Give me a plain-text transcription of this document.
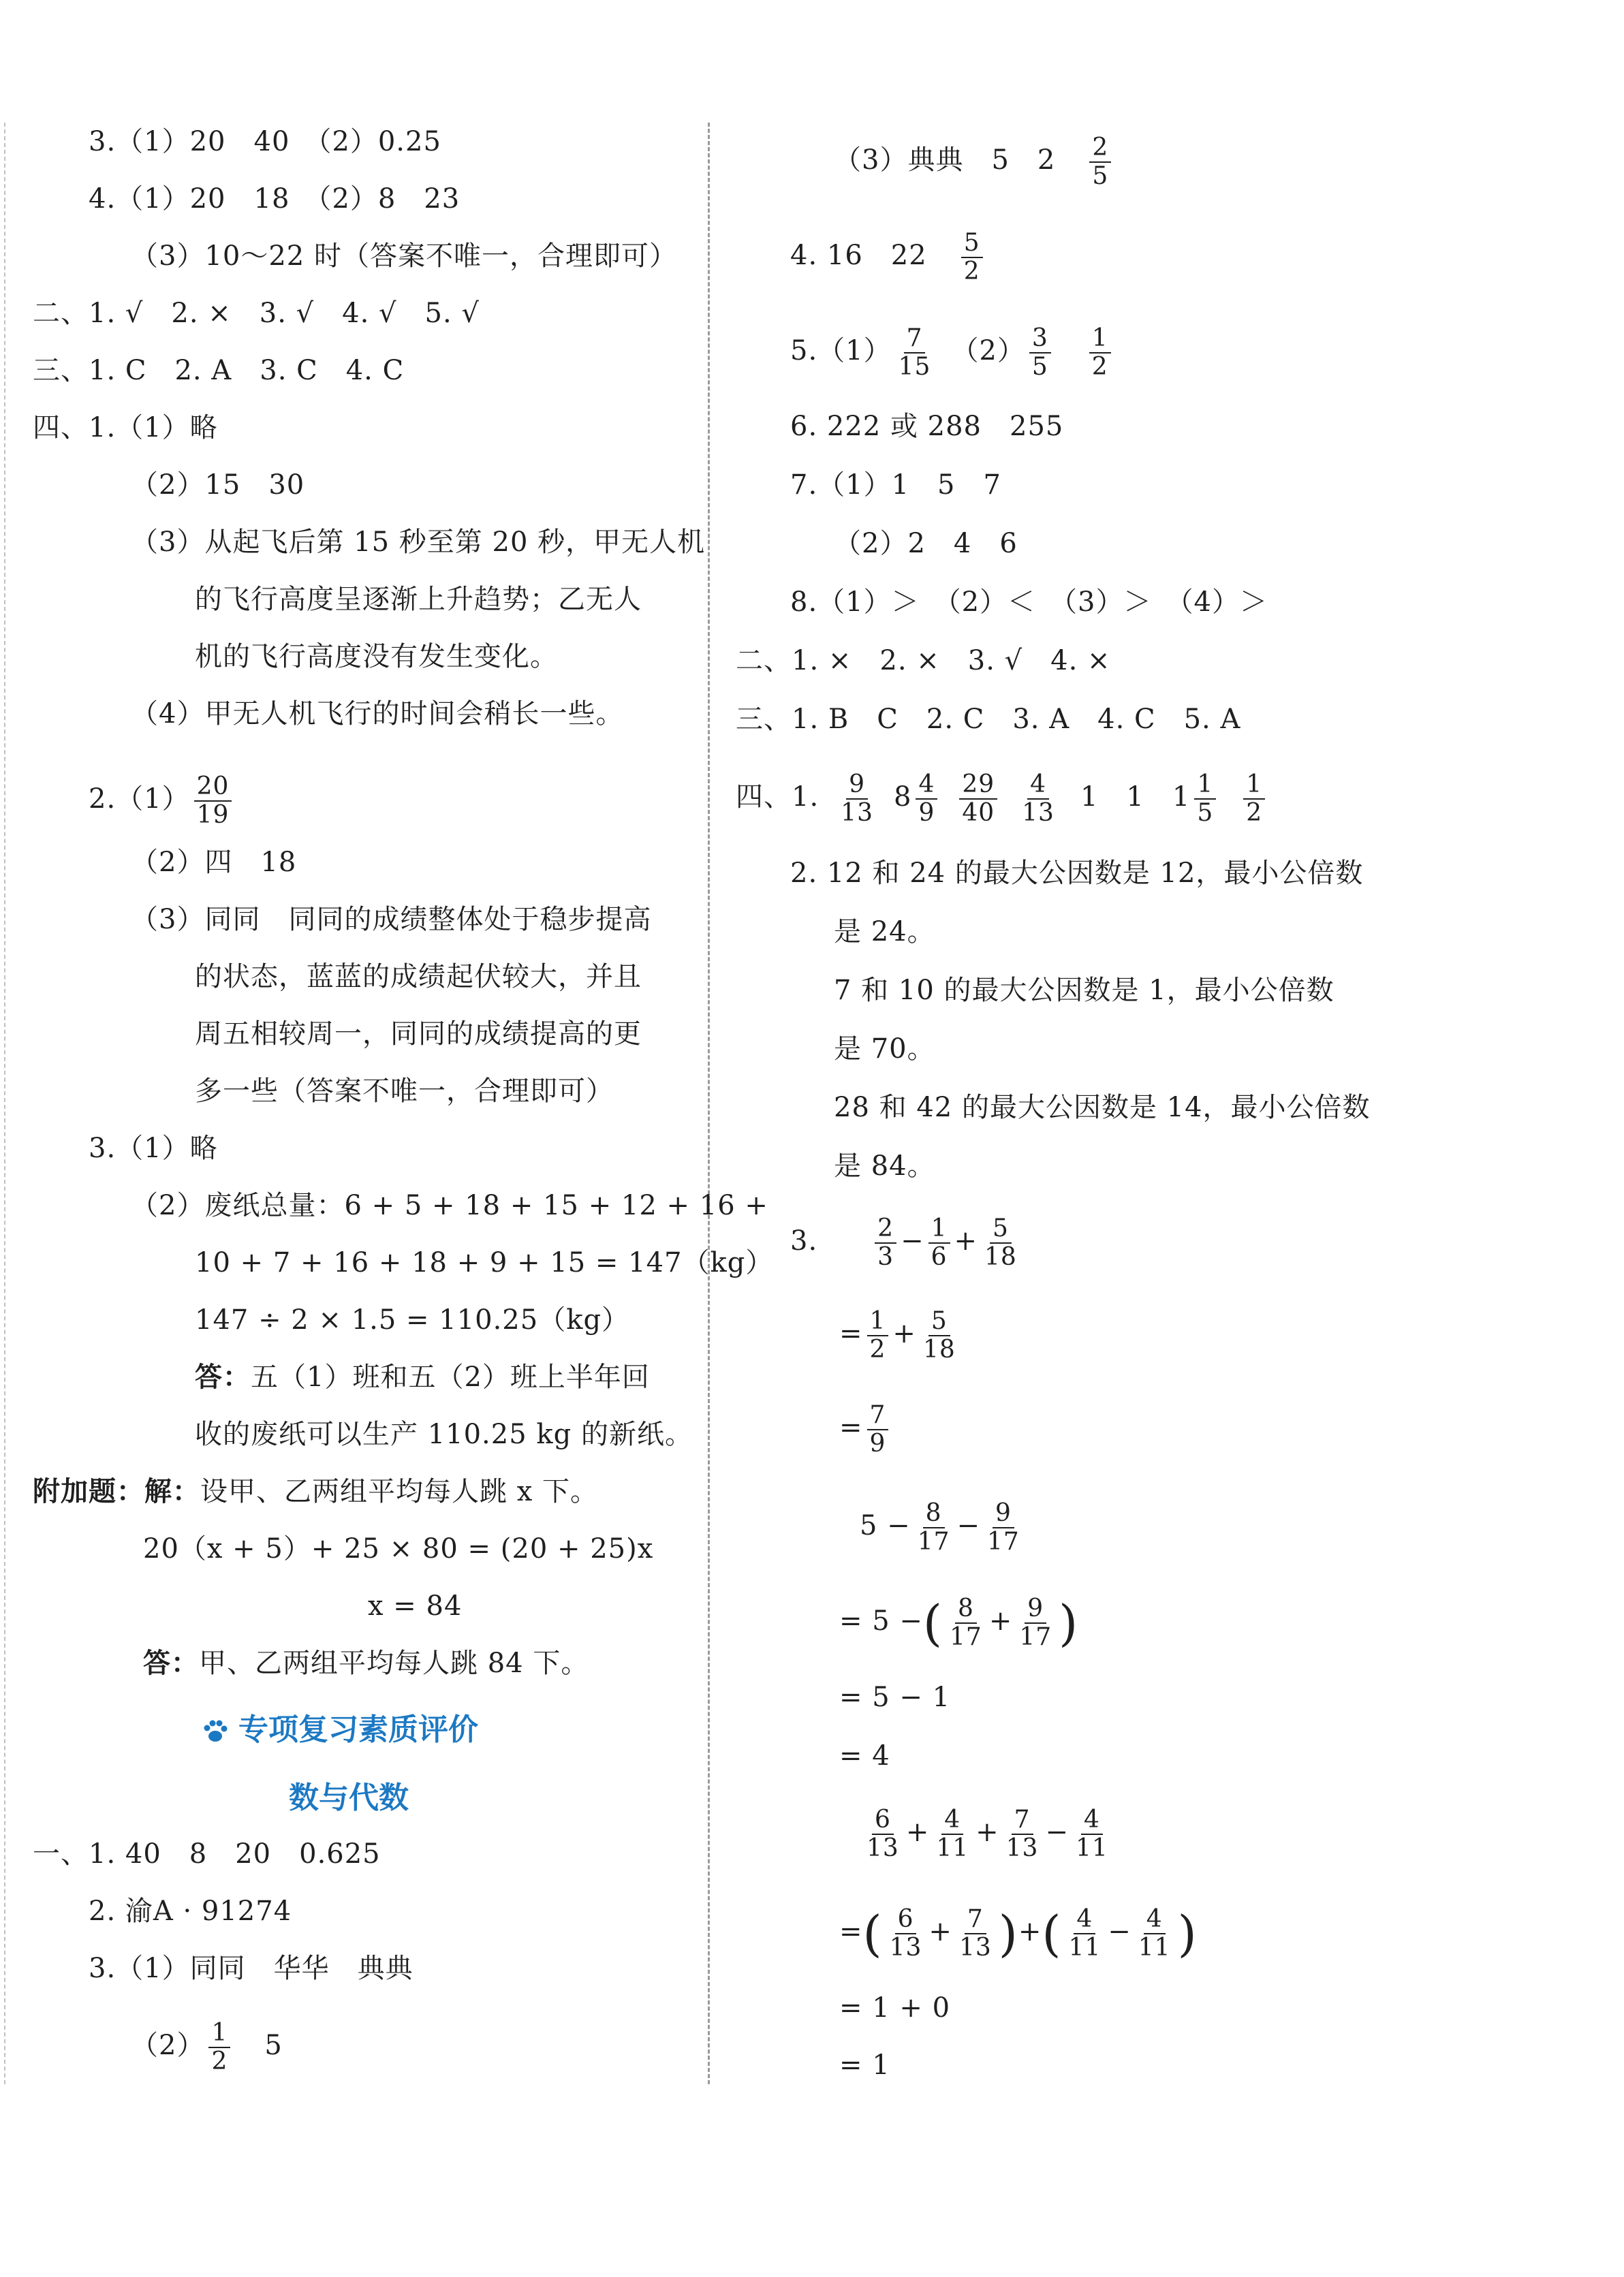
3.（1）20　40　（2）0.25
4.（1）20　18　（2）8　23
（3）10～22 时（答案不唯一，合理即可）
二、1. √　2. ×　3. √　4. √　5. √
三、1. C　2. A　3. C　4. C
四、1.（1）略
（2）15　30
（3）从起飞后第 15 秒至第 20 秒，甲无人机
的飞行高度呈逐渐上升趋势；乙无人
机的飞行高度没有发生变化。
（4）甲无人机飞行的时间会稍长一些。
$2.(1) \frac{20}{19}$
（2）四　18
（3）同同　同同的成绩整体处于稳步提高
的状态，蓝蓝的成绩起伏较大，并且
周五相较周一，同同的成绩提高的更
多一些（答案不唯一，合理即可）
3.（1）略
（2）废纸总量：6 + 5 + 18 + 15 + 12 + 16 +
10 + 7 + 16 + 18 + 9 + 15 = 147（kg）
147 ÷ 2 × 1.5 = 110.25（kg）
答：五（1）班和五（2）班上半年回
收的废纸可以生产 110.25 kg 的新纸。
附加题：解：设甲、乙两组平均每人跳 x 下。
20（x + 5）+ 25 × 80 = (20 + 25)x
x = 84
答：甲、乙两组平均每人跳 84 下。
专项复习素质评价
数与代数
一、1. 40　8　20　0.625
2. 渝A · 91274
3.（1）同同　华华　典典
$(2) \frac{1}{2} 5$
（3）典典　5　$2 \frac{2}{5}$
4. 16　$22 \frac{5}{2}$
$5.(1) \frac{7}{15} (2) \frac{3}{5} \frac{1}{2}$
6. 222 或 288　255
7.（1）1　5　7
（2）2　4　6
8.（1）＞　（2）＜　（3）＞　（4）＞
二、1. ×　2. ×　3. √　4. ×
三、1. B　C　2. C　3. A　4. C　5. A
四、1. $\frac{9}{13} 8 \frac{4}{9} \frac{29}{40} \frac{4}{13} 1$　1　$1 \frac{1}{5} \frac{1}{2}$
2. 12 和 24 的最大公因数是 12，最小公倍数
是 24。
7 和 10 的最大公因数是 1，最小公倍数
是 70。
28 和 42 的最大公因数是 14，最小公倍数
是 84。
3. $\frac{2}{3} - \frac{1}{6} + \frac{5}{18}$
= $\frac{1}{2} + \frac{5}{18}$
= $\frac{7}{9}$
$5 - \frac{8}{17} - \frac{9}{17}$
= 5 −( $\frac{8}{17} + \frac{9}{17}$ )
= 5 − 1
= 4
$\frac{6}{13} + \frac{4}{11} + \frac{7}{13} - \frac{4}{11}$
=( $\frac{6}{13} + \frac{7}{13}$ )+( $\frac{4}{11} - \frac{4}{11}$ )
= 1 + 0
= 1
